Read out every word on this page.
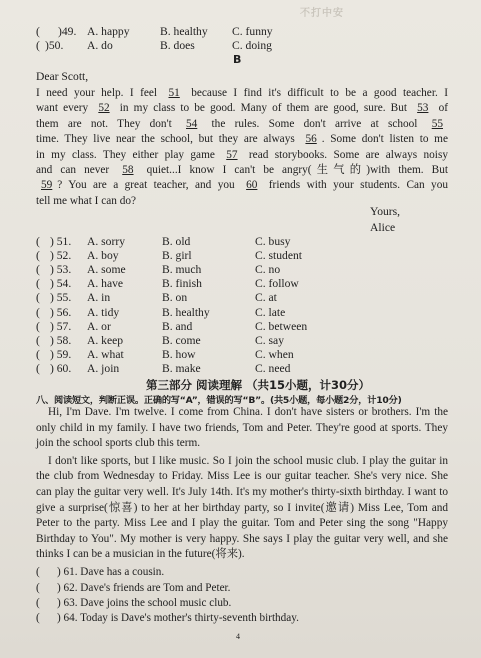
不打中安
( )49. A. happy	B. healthy C. funny
( )50. A. do	B. does	C. doing
B
Dear Scott,
I need your help. I feel 51 because I find it's difficult to be a good teacher. I
want every 52 in my class to be good. Many of them are good, sure. But 53 of
them are not. They don't 54 the rules. Some don't arrive at school 55
time. They live near the school, but they are always 56 . Some don't listen to me
in my class. They either play game 57 read storybooks. Some are always noisy
and can never 58 quiet...I know I can't be angry(生气的)with them. But
59 ? You are a great teacher, and you 60 friends with your students. Can you
tell me what I can do?
Yours,
Alice
( ) 51. A. sorry	B. old	C. busy
( ) 52. A. boy	B. girl	C. student
( ) 53. A. some	B. much	C. no
( ) 54. A. have	B. finish	C. follow
( ) 55. A. in	B. on	C. at
( ) 56. A. tidy	B. healthy	C. late
( ) 57. A. or	B. and	C. between
( ) 58. A. keep	B. come	C. say
( ) 59. A. what	B. how	C. when
( ) 60. A. join	B. make	C. need
第三部分 阅读理解 （共15小题，计30分）
八、阅读短文，判断正误。正确的写“A”，错误的写“B”。(共5小题，每小题2分，计10分)

Hi, I'm Dave. I'm twelve. I come from China. I don't have sisters or brothers. I'm the only child in my family. I have two friends, Tom and Peter. They're good at sports. They join the school sports club this term.

I don't like sports, but I like music. So I join the school music club. I play the guitar in the club from Wednesday to Friday. Miss Lee is our guitar teacher. She's very nice. She can play the guitar very well. It's July 14th. It's my mother's thirty-sixth birthday. I want to give a surprise(惊喜) to her at her birthday party, so I invite(邀请) Miss Lee, Tom and Peter to the party. Miss Lee and I play the guitar. Tom and Peter sing the song "Happy Birthday to You". My mother is very happy. She says I play the guitar very well, and she thinks I can be a musician in the future(将来).

( ) 61. Dave has a cousin.
( ) 62. Dave's friends are Tom and Peter.
( ) 63. Dave joins the school music club.
( ) 64. Today is Dave's mother's thirty-seventh birthday.
4
